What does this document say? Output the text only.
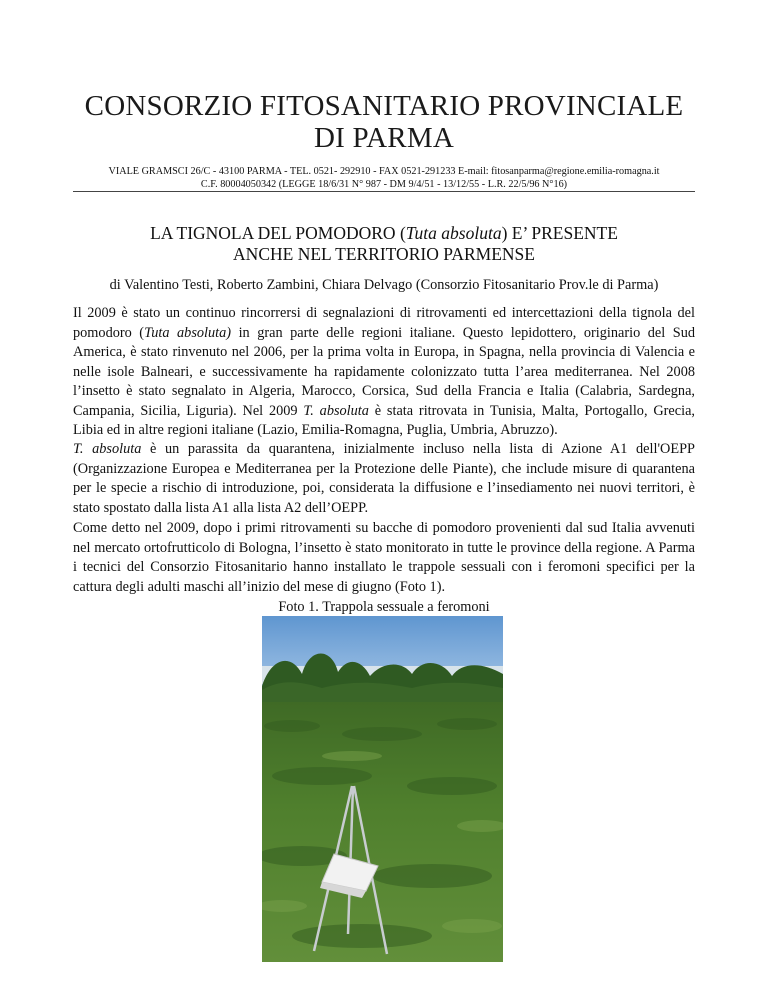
CONSORZIO FITOSANITARIO PROVINCIALE
DI PARMA
VIALE GRAMSCI 26/C - 43100 PARMA - TEL. 0521- 292910 - FAX 0521-291233 E-mail: fitosanparma@regione.emilia-romagna.it
C.F. 80004050342 (LEGGE 18/6/31 N° 987 - DM 9/4/51 - 13/12/55 - L.R. 22/5/96 N°16)
LA TIGNOLA DEL POMODORO (Tuta absoluta) E’ PRESENTE
ANCHE NEL TERRITORIO PARMENSE
di Valentino Testi, Roberto Zambini, Chiara Delvago (Consorzio Fitosanitario Prov.le di Parma)
Il 2009 è stato un continuo rincorrersi di segnalazioni di ritrovamenti ed intercettazioni della tignola del pomodoro (Tuta absoluta) in gran parte delle regioni italiane. Questo lepidottero, originario del Sud America, è stato rinvenuto nel 2006, per la prima volta in Europa, in Spagna, nella provincia di Valencia e nelle isole Balneari, e successivamente ha rapidamente colonizzato tutta l’area mediterranea. Nel 2008 l’insetto è stato segnalato in Algeria, Marocco, Corsica, Sud della Francia e Italia (Calabria, Sardegna, Campania, Sicilia, Liguria). Nel 2009 T. absoluta è stata ritrovata in Tunisia, Malta, Portogallo, Grecia, Libia ed in altre regioni italiane (Lazio, Emilia-Romagna, Puglia, Umbria, Abruzzo).
T. absoluta è un parassita da quarantena, inizialmente incluso nella lista di Azione A1 dell'OEPP (Organizzazione Europea e Mediterranea per la Protezione delle Piante), che include misure di quarantena per le specie a rischio di introduzione, poi, considerata la diffusione e l’insediamento nei nuovi territori, è stato spostato dalla lista A1 alla lista A2 dell’OEPP.
Come detto nel 2009, dopo i primi ritrovamenti su bacche di pomodoro provenienti dal sud Italia avvenuti nel mercato ortofrutticolo di Bologna, l’insetto è stato monitorato in tutte le province della regione. A Parma i tecnici del Consorzio Fitosanitario hanno installato le trappole sessuali con i feromoni specifici per la cattura degli adulti maschi all’inizio del mese di giugno (Foto 1).
Foto 1. Trappola sessuale a feromoni
